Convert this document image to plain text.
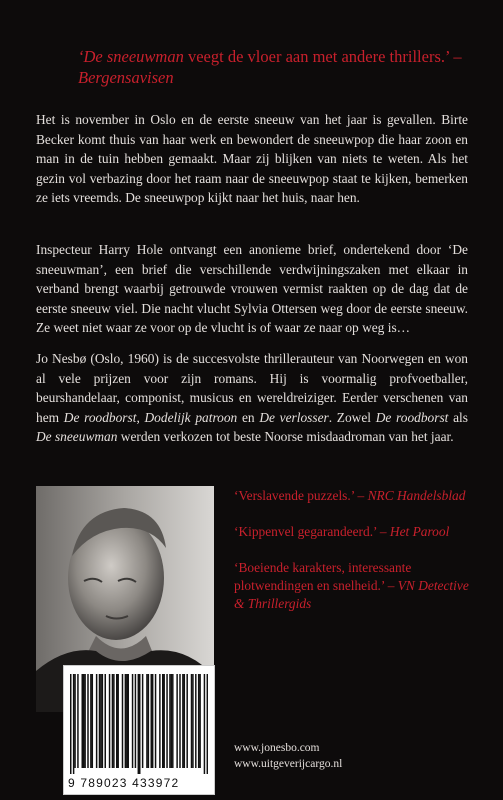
‘De sneeuwman veegt de vloer aan met andere thrillers.’ – Bergensavisen
Het is november in Oslo en de eerste sneeuw van het jaar is gevallen. Birte Becker komt thuis van haar werk en bewondert de sneeuwpop die haar zoon en man in de tuin hebben gemaakt. Maar zij blijken van niets te weten. Als het gezin vol verbazing door het raam naar de sneeuwpop staat te kijken, bemerken ze iets vreemds. De sneeuwpop kijkt naar het huis, naar hen.
Inspecteur Harry Hole ontvangt een anonieme brief, ondertekend door ‘De sneeuwman’, een brief die verschillende verdwijningszaken met elkaar in verband brengt waarbij getrouwde vrouwen vermist raakten op de dag dat de eerste sneeuw viel. Die nacht vlucht Sylvia Ottersen weg door de eerste sneeuw. Ze weet niet waar ze voor op de vlucht is of waar ze naar op weg is…
Jo Nesbø (Oslo, 1960) is de succesvolste thrillerauteur van Noorwegen en won al vele prijzen voor zijn romans. Hij is voormalig profvoetballer, beurshandelaar, componist, musicus en wereldreiziger. Eerder verschenen van hem De roodborst, Dodelijk patroon en De verlosser. Zowel De roodborst als De sneeuwman werden verkozen tot beste Noorse misdaadroman van het jaar.
‘Verslavende puzzels.’ – NRC Handelsblad
‘Kippenvel gegarandeerd.’ – Het Parool
‘Boeiende karakters, interessante plotwendingen en snelheid.’ – VN Detective & Thrillergids
9 789023 433972
www.jonesbo.com
www.uitgeverijcargo.nl
